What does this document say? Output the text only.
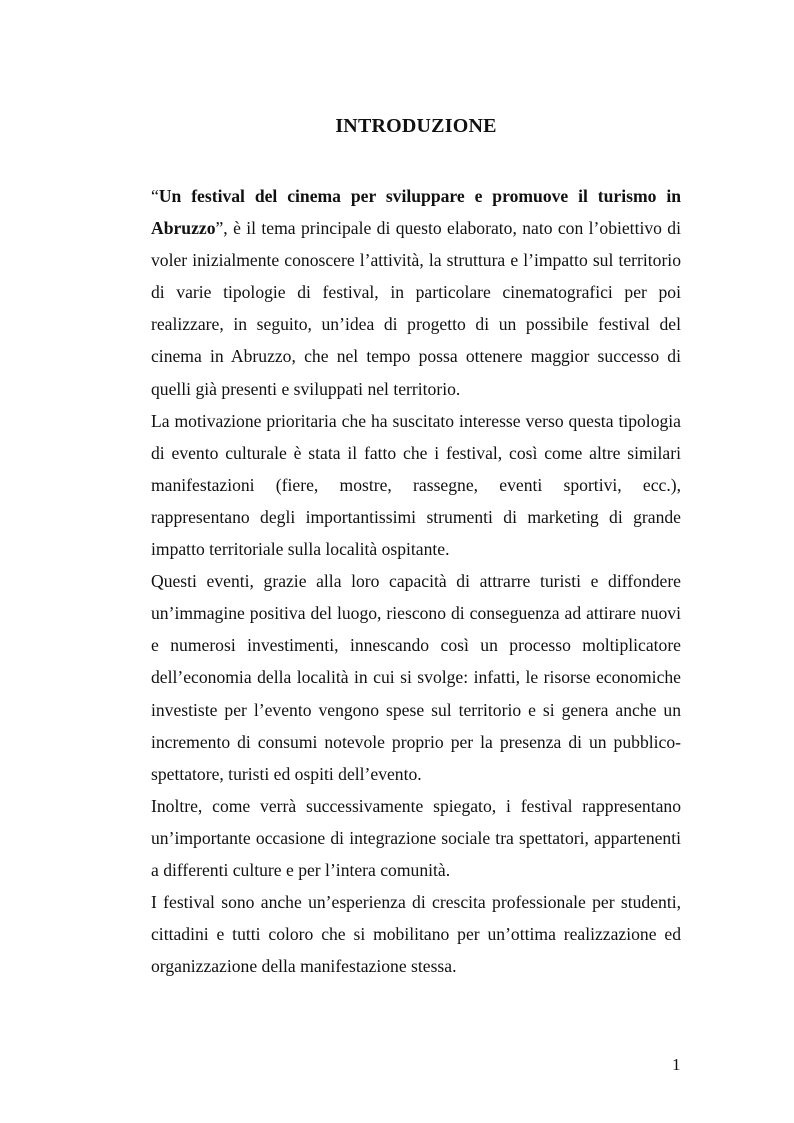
INTRODUZIONE

“Un festival del cinema per sviluppare e promuove il turismo in Abruzzo”, è il tema principale di questo elaborato, nato con l’obiettivo di voler inizialmente conoscere l’attività, la struttura e l’impatto sul territorio di varie tipologie di festival, in particolare cinematografici per poi realizzare, in seguito, un’idea di progetto di un possibile festival del cinema in Abruzzo, che nel tempo possa ottenere maggior successo di quelli già presenti e sviluppati nel territorio.

La motivazione prioritaria che ha suscitato interesse verso questa tipologia di evento culturale è stata il fatto che i festival, così come altre similari manifestazioni (fiere, mostre, rassegne, eventi sportivi, ecc.), rappresentano degli importantissimi strumenti di marketing di grande impatto territoriale sulla località ospitante.

Questi eventi, grazie alla loro capacità di attrarre turisti e diffondere un’immagine positiva del luogo, riescono di conseguenza ad attirare nuovi e numerosi investimenti, innescando così un processo moltiplicatore dell’economia della località in cui si svolge: infatti, le risorse economiche investiste per l’evento vengono spese sul territorio e si genera anche un incremento di consumi notevole proprio per la presenza di un pubblico-spettatore, turisti ed ospiti dell’evento.

Inoltre, come verrà successivamente spiegato, i festival rappresentano un’importante occasione di integrazione sociale tra spettatori, appartenenti a differenti culture e per l’intera comunità.

I festival sono anche un’esperienza di crescita professionale per studenti, cittadini e tutti coloro che si mobilitano per un’ottima realizzazione ed organizzazione della manifestazione stessa.

1
